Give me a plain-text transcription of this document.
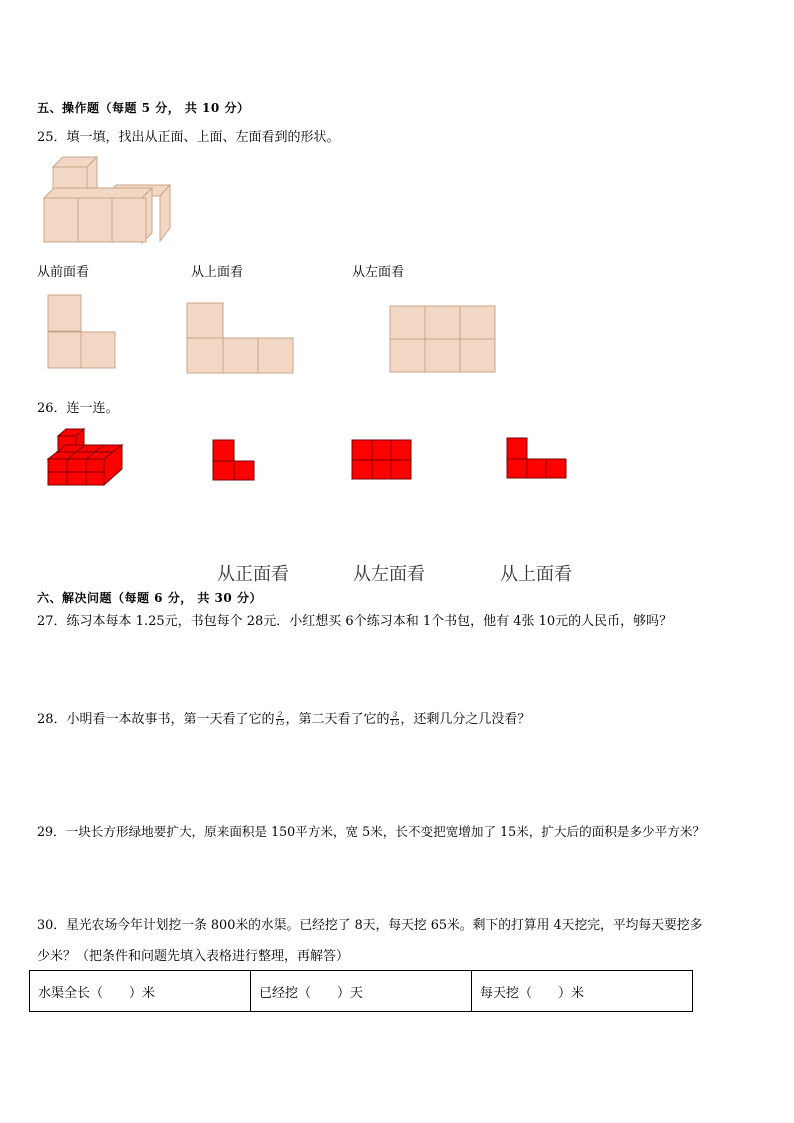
五、操作题（每题 5 分， 共 10 分）
25．填一填，找出从正面、上面、左面看到的形状。
从前面看	从上面看	从左面看
26．连一连。
从正面看	从左面看	从上面看
六、解决问题（每题 6 分， 共 30 分）
27．练习本每本 1.25元，书包每个 28元．小红想买 6个练习本和 1个书包，他有 4张 10元的人民币，够吗？
28．小明看一本故事书，第一天看了它的 $\frac{2}{15}$ ，第二天看了它的 $\frac{3}{15}$ ，还剩几分之几没看？
29．一块长方形绿地要扩大，原来面积是 150平方米，宽 5米，长不变把宽增加了 15米，扩大后的面积是多少平方米？
30．星光农场今年计划挖一条 800米的水渠。已经挖了 8天，每天挖 65米。剩下的打算用 4天挖完，平均每天要挖多
少米？（把条件和问题先填入表格进行整理，再解答）
水渠全长（　　）米	已经挖（　　）天	每天挖（　　）米
